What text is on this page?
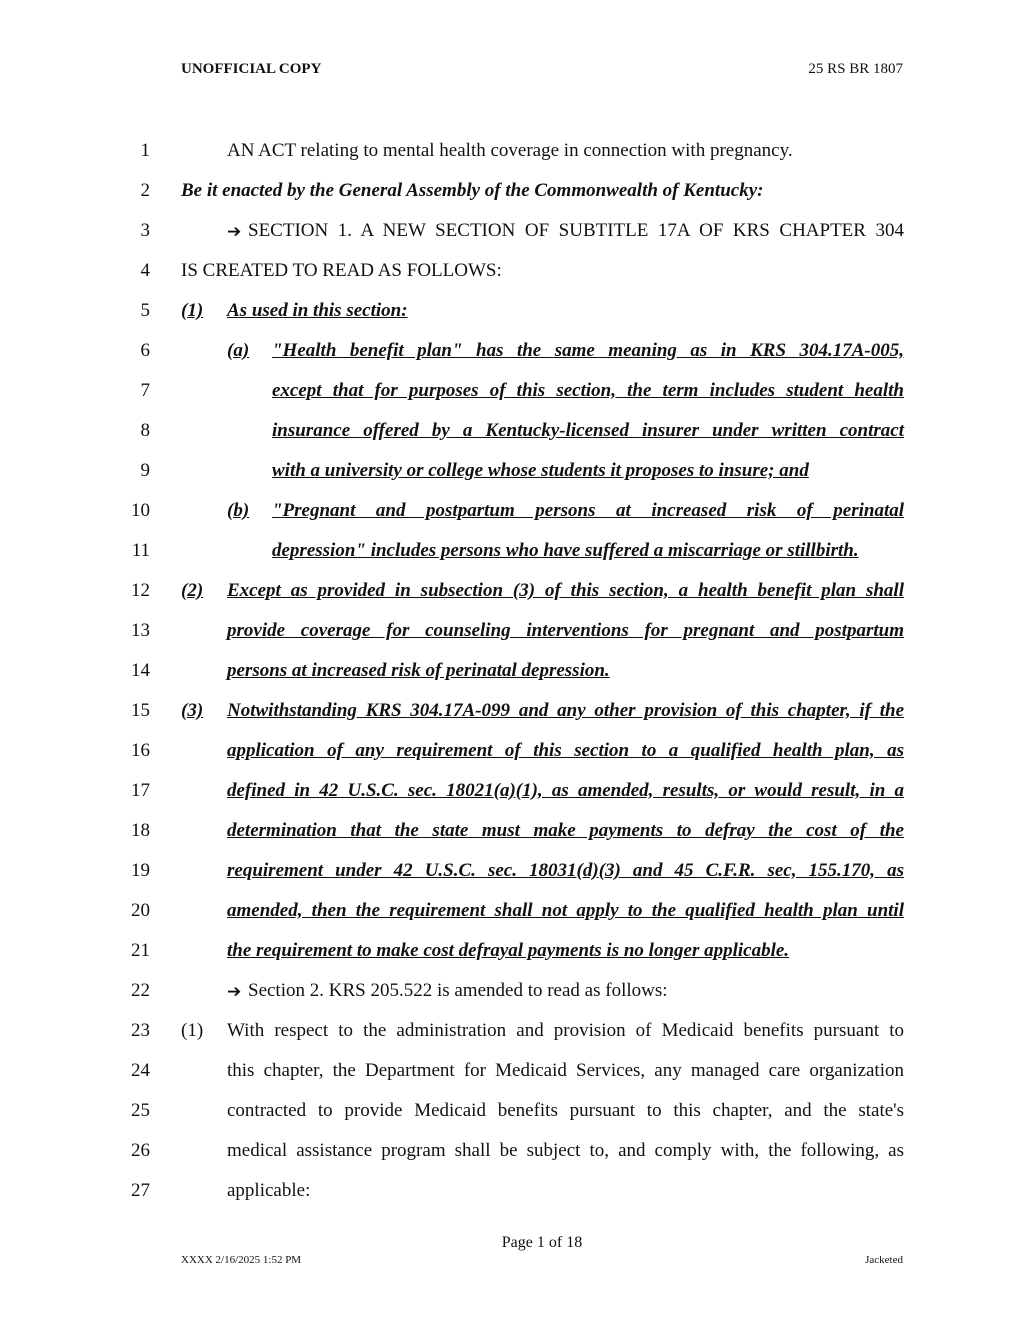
UNOFFICIAL COPY	25 RS BR 1807
1	AN ACT relating to mental health coverage in connection with pregnancy.
2 Be it enacted by the General Assembly of the Commonwealth of Kentucky:
3	➔ SECTION 1. A NEW SECTION OF SUBTITLE 17A OF KRS CHAPTER 304
4 IS CREATED TO READ AS FOLLOWS:
5 (1) As used in this section:
6	(a) "Health benefit plan" has the same meaning as in KRS 304.17A-005,
7	except that for purposes of this section, the term includes student health
8	insurance offered by a Kentucky-licensed insurer under written contract
9	with a university or college whose students it proposes to insure; and
10	(b) "Pregnant and postpartum persons at increased risk of perinatal
11	depression" includes persons who have suffered a miscarriage or stillbirth.
12 (2) Except as provided in subsection (3) of this section, a health benefit plan shall
13	provide coverage for counseling interventions for pregnant and postpartum
14	persons at increased risk of perinatal depression.
15 (3) Notwithstanding KRS 304.17A-099 and any other provision of this chapter, if the
16	application of any requirement of this section to a qualified health plan, as
17	defined in 42 U.S.C. sec. 18021(a)(1), as amended, results, or would result, in a
18	determination that the state must make payments to defray the cost of the
19	requirement under 42 U.S.C. sec. 18031(d)(3) and 45 C.F.R. sec, 155.170, as
20	amended, then the requirement shall not apply to the qualified health plan until
21	the requirement to make cost defrayal payments is no longer applicable.
22	➔ Section 2. KRS 205.522 is amended to read as follows:
23 (1) With respect to the administration and provision of Medicaid benefits pursuant to
24	this chapter, the Department for Medicaid Services, any managed care organization
25	contracted to provide Medicaid benefits pursuant to this chapter, and the state's
26	medical assistance program shall be subject to, and comply with, the following, as
27	applicable:
Page 1 of 18
XXXX 2/16/2025 1:52 PM	Jacketed
